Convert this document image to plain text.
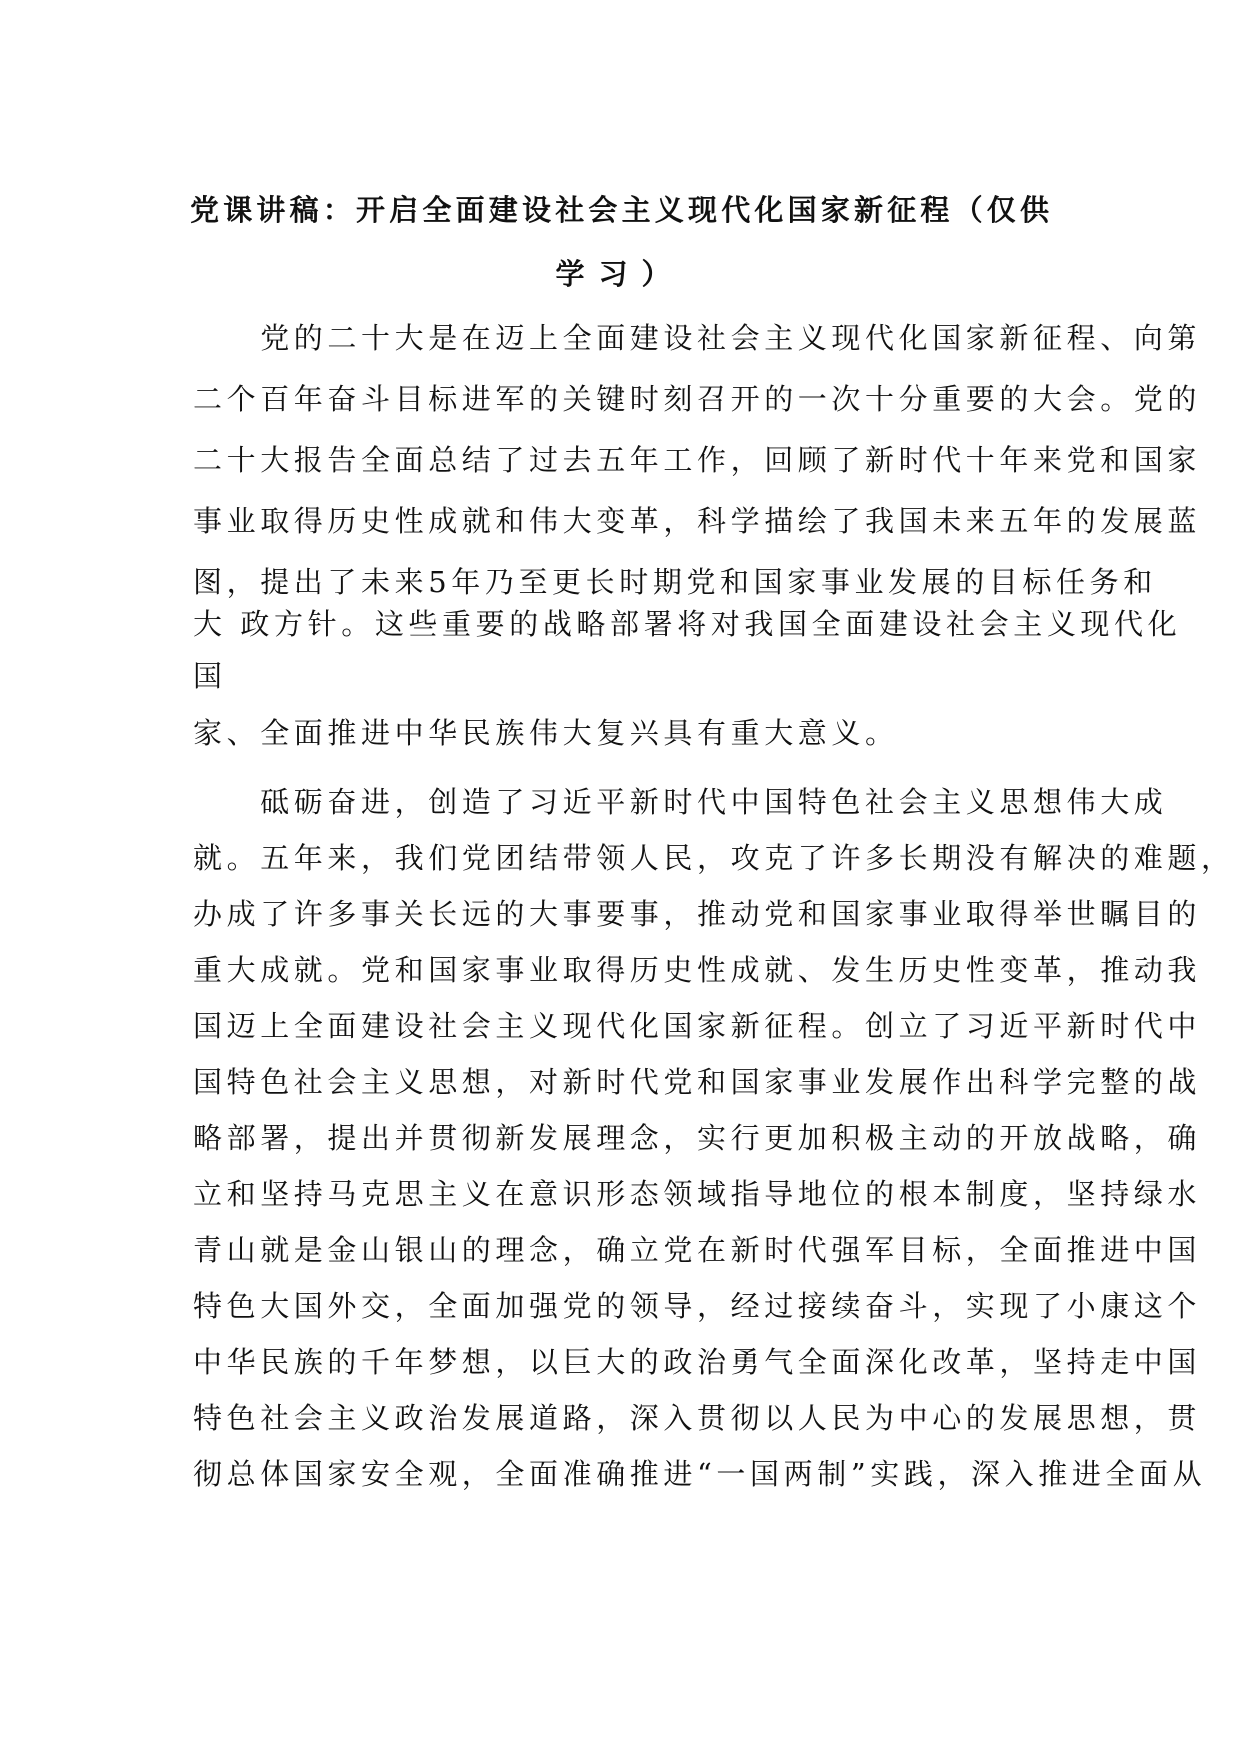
党课讲稿：开启全面建设社会主义现代化国家新征程（仅供
学习）
　　党的二十大是在迈上全面建设社会主义现代化国家新征程、向第
二个百年奋斗目标进军的关键时刻召开的一次十分重要的大会。党的
二十大报告全面总结了过去五年工作，回顾了新时代十年来党和国家
事业取得历史性成就和伟大变革，科学描绘了我国未来五年的发展蓝
图，提出了未来5年乃至更长时期党和国家事业发展的目标任务和
大 政方针。这些重要的战略部署将对我国全面建设社会主义现代化
国
家、全面推进中华民族伟大复兴具有重大意义。
　　砥砺奋进，创造了习近平新时代中国特色社会主义思想伟大成
就。五年来，我们党团结带领人民，攻克了许多长期没有解决的难题，
办成了许多事关长远的大事要事，推动党和国家事业取得举世瞩目的
重大成就。党和国家事业取得历史性成就、发生历史性变革，推动我
国迈上全面建设社会主义现代化国家新征程。创立了习近平新时代中
国特色社会主义思想，对新时代党和国家事业发展作出科学完整的战
略部署，提出并贯彻新发展理念，实行更加积极主动的开放战略，确
立和坚持马克思主义在意识形态领域指导地位的根本制度，坚持绿水
青山就是金山银山的理念，确立党在新时代强军目标，全面推进中国
特色大国外交，全面加强党的领导，经过接续奋斗，实现了小康这个
中华民族的千年梦想，以巨大的政治勇气全面深化改革，坚持走中国
特色社会主义政治发展道路，深入贯彻以人民为中心的发展思想，贯
彻总体国家安全观，全面准确推进“一国两制”实践，深入推进全面从
